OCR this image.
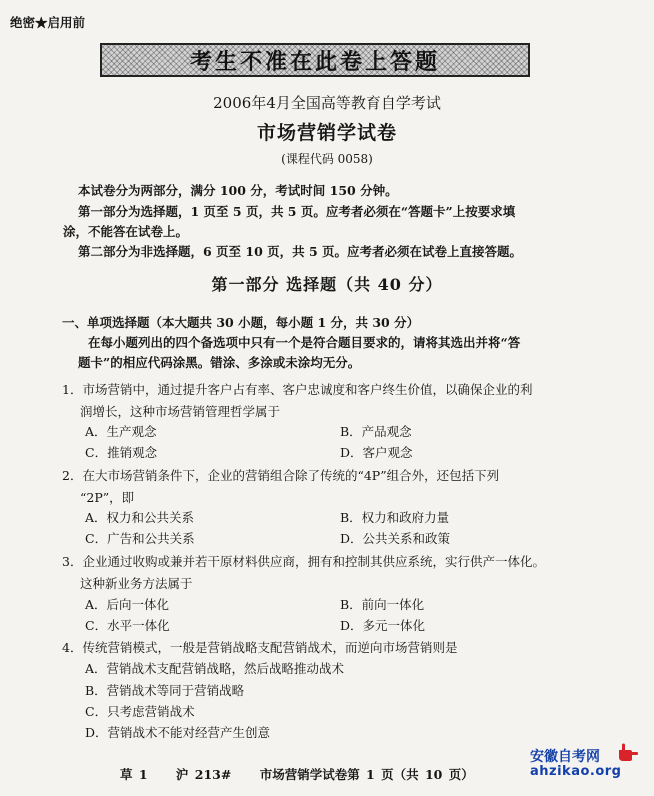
绝密★启用前
考生不准在此卷上答题
2006年4月全国高等教育自学考试
市场营销学试卷
(课程代码 0058)
本试卷分为两部分，满分 100 分，考试时间 150 分钟。
第一部分为选择题，1 页至 5 页，共 5 页。应考者必须在“答题卡”上按要求填
涂，不能答在试卷上。
第二部分为非选择题，6 页至 10 页，共 5 页。应考者必须在试卷上直接答题。
第一部分 选择题（共 40 分）
一、单项选择题（本大题共 30 小题，每小题 1 分，共 30 分）
在每小题列出的四个备选项中只有一个是符合题目要求的，请将其选出并将“答
题卡”的相应代码涂黑。错涂、多涂或未涂均无分。
1．市场营销中，通过提升客户占有率、客户忠诚度和客户终生价值，以确保企业的利
润增长，这种市场营销管理哲学属于
A．生产观念	B．产品观念
C．推销观念	D．客户观念
2．在大市场营销条件下，企业的营销组合除了传统的“4P”组合外，还包括下列
“2P”，即
A．权力和公共关系	B．权力和政府力量
C．广告和公共关系	D．公共关系和政策
3．企业通过收购或兼并若干原材料供应商，拥有和控制其供应系统，实行供产一体化。
这种新业务方法属于
A．后向一体化	B．前向一体化
C．水平一体化	D．多元一体化
4．传统营销模式，一般是营销战略支配营销战术，而逆向市场营销则是
A．营销战术支配营销战略，然后战略推动战术
B．营销战术等同于营销战略
C．只考虑营销战术
D．营销战术不能对经营产生创意
草 1 沪 213# 市场营销学试卷第 1 页（共 10 页）
安徽自考网
ahzikao.org
